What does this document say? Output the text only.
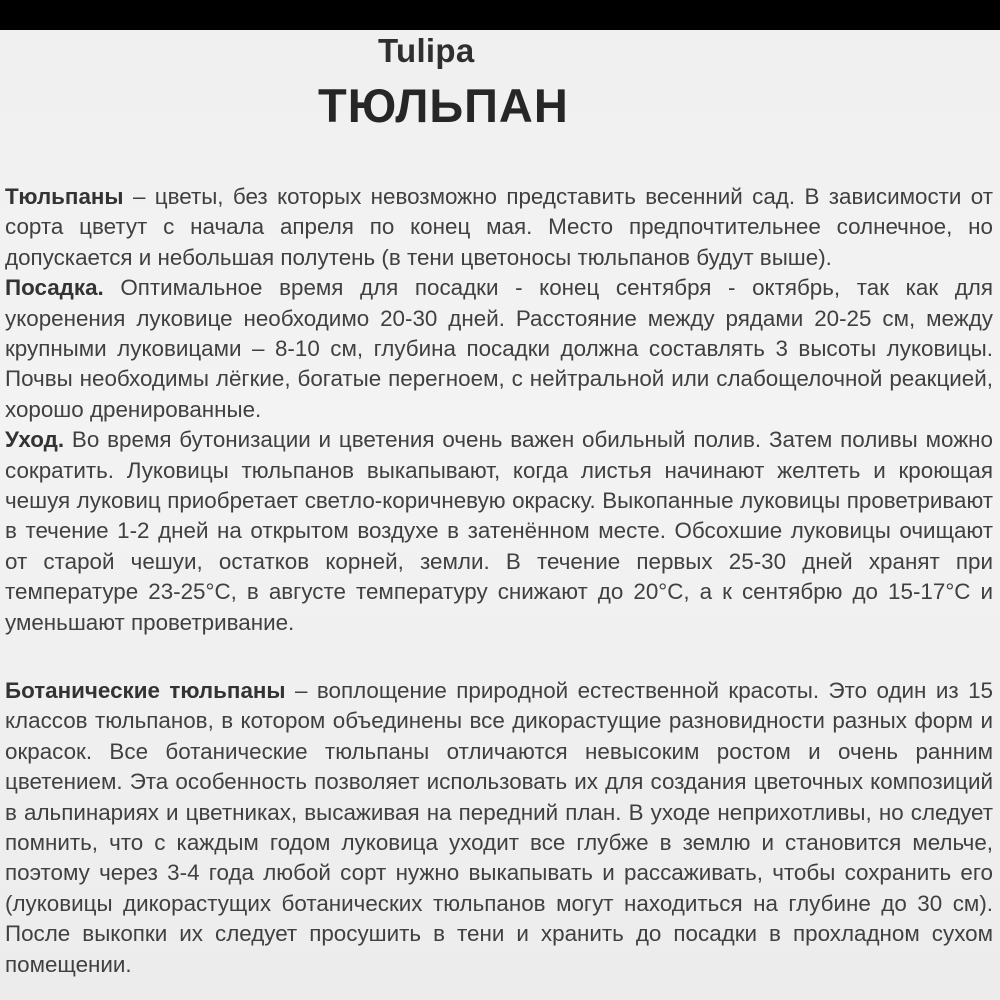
Tulipa
ТЮЛЬПАН

Тюльпаны – цветы, без которых невозможно представить весенний сад. В зависимости от сорта цветут с начала апреля по конец мая. Место предпочтительнее солнечное, но допускается и небольшая полутень (в тени цветоносы тюльпанов будут выше).

Посадка. Оптимальное время для посадки - конец сентября - октябрь, так как для укоренения луковице необходимо 20-30 дней. Расстояние между рядами 20-25 см, между крупными луковицами – 8-10 см, глубина посадки должна составлять 3 высоты луковицы. Почвы необходимы лёгкие, богатые перегноем, с нейтральной или слабощелочной реакцией, хорошо дренированные.

Уход. Во время бутонизации и цветения очень важен обильный полив. Затем поливы можно сократить. Луковицы тюльпанов выкапывают, когда листья начинают желтеть и кроющая чешуя луковиц приобретает светло-коричневую окраску. Выкопанные луковицы проветривают в течение 1-2 дней на открытом воздухе в затенённом месте. Обсохшие луковицы очищают от старой чешуи, остатков корней, земли. В течение первых 25-30 дней хранят при температуре 23-25°C, в августе температуру снижают до 20°C, а к сентябрю до 15-17°C и уменьшают проветривание.

Ботанические тюльпаны – воплощение природной естественной красоты. Это один из 15 классов тюльпанов, в котором объединены все дикорастущие разновидности разных форм и окрасок. Все ботанические тюльпаны отличаются невысоким ростом и очень ранним цветением. Эта особенность позволяет использовать их для создания цветочных композиций в альпинариях и цветниках, высаживая на передний план. В уходе неприхотливы, но следует помнить, что с каждым годом луковица уходит все глубже в землю и становится мельче, поэтому через 3-4 года любой сорт нужно выкапывать и рассаживать, чтобы сохранить его (луковицы дикорастущих ботанических тюльпанов могут находиться на глубине до 30 см). После выкопки их следует просушить в тени и хранить до посадки в прохладном сухом помещении.
